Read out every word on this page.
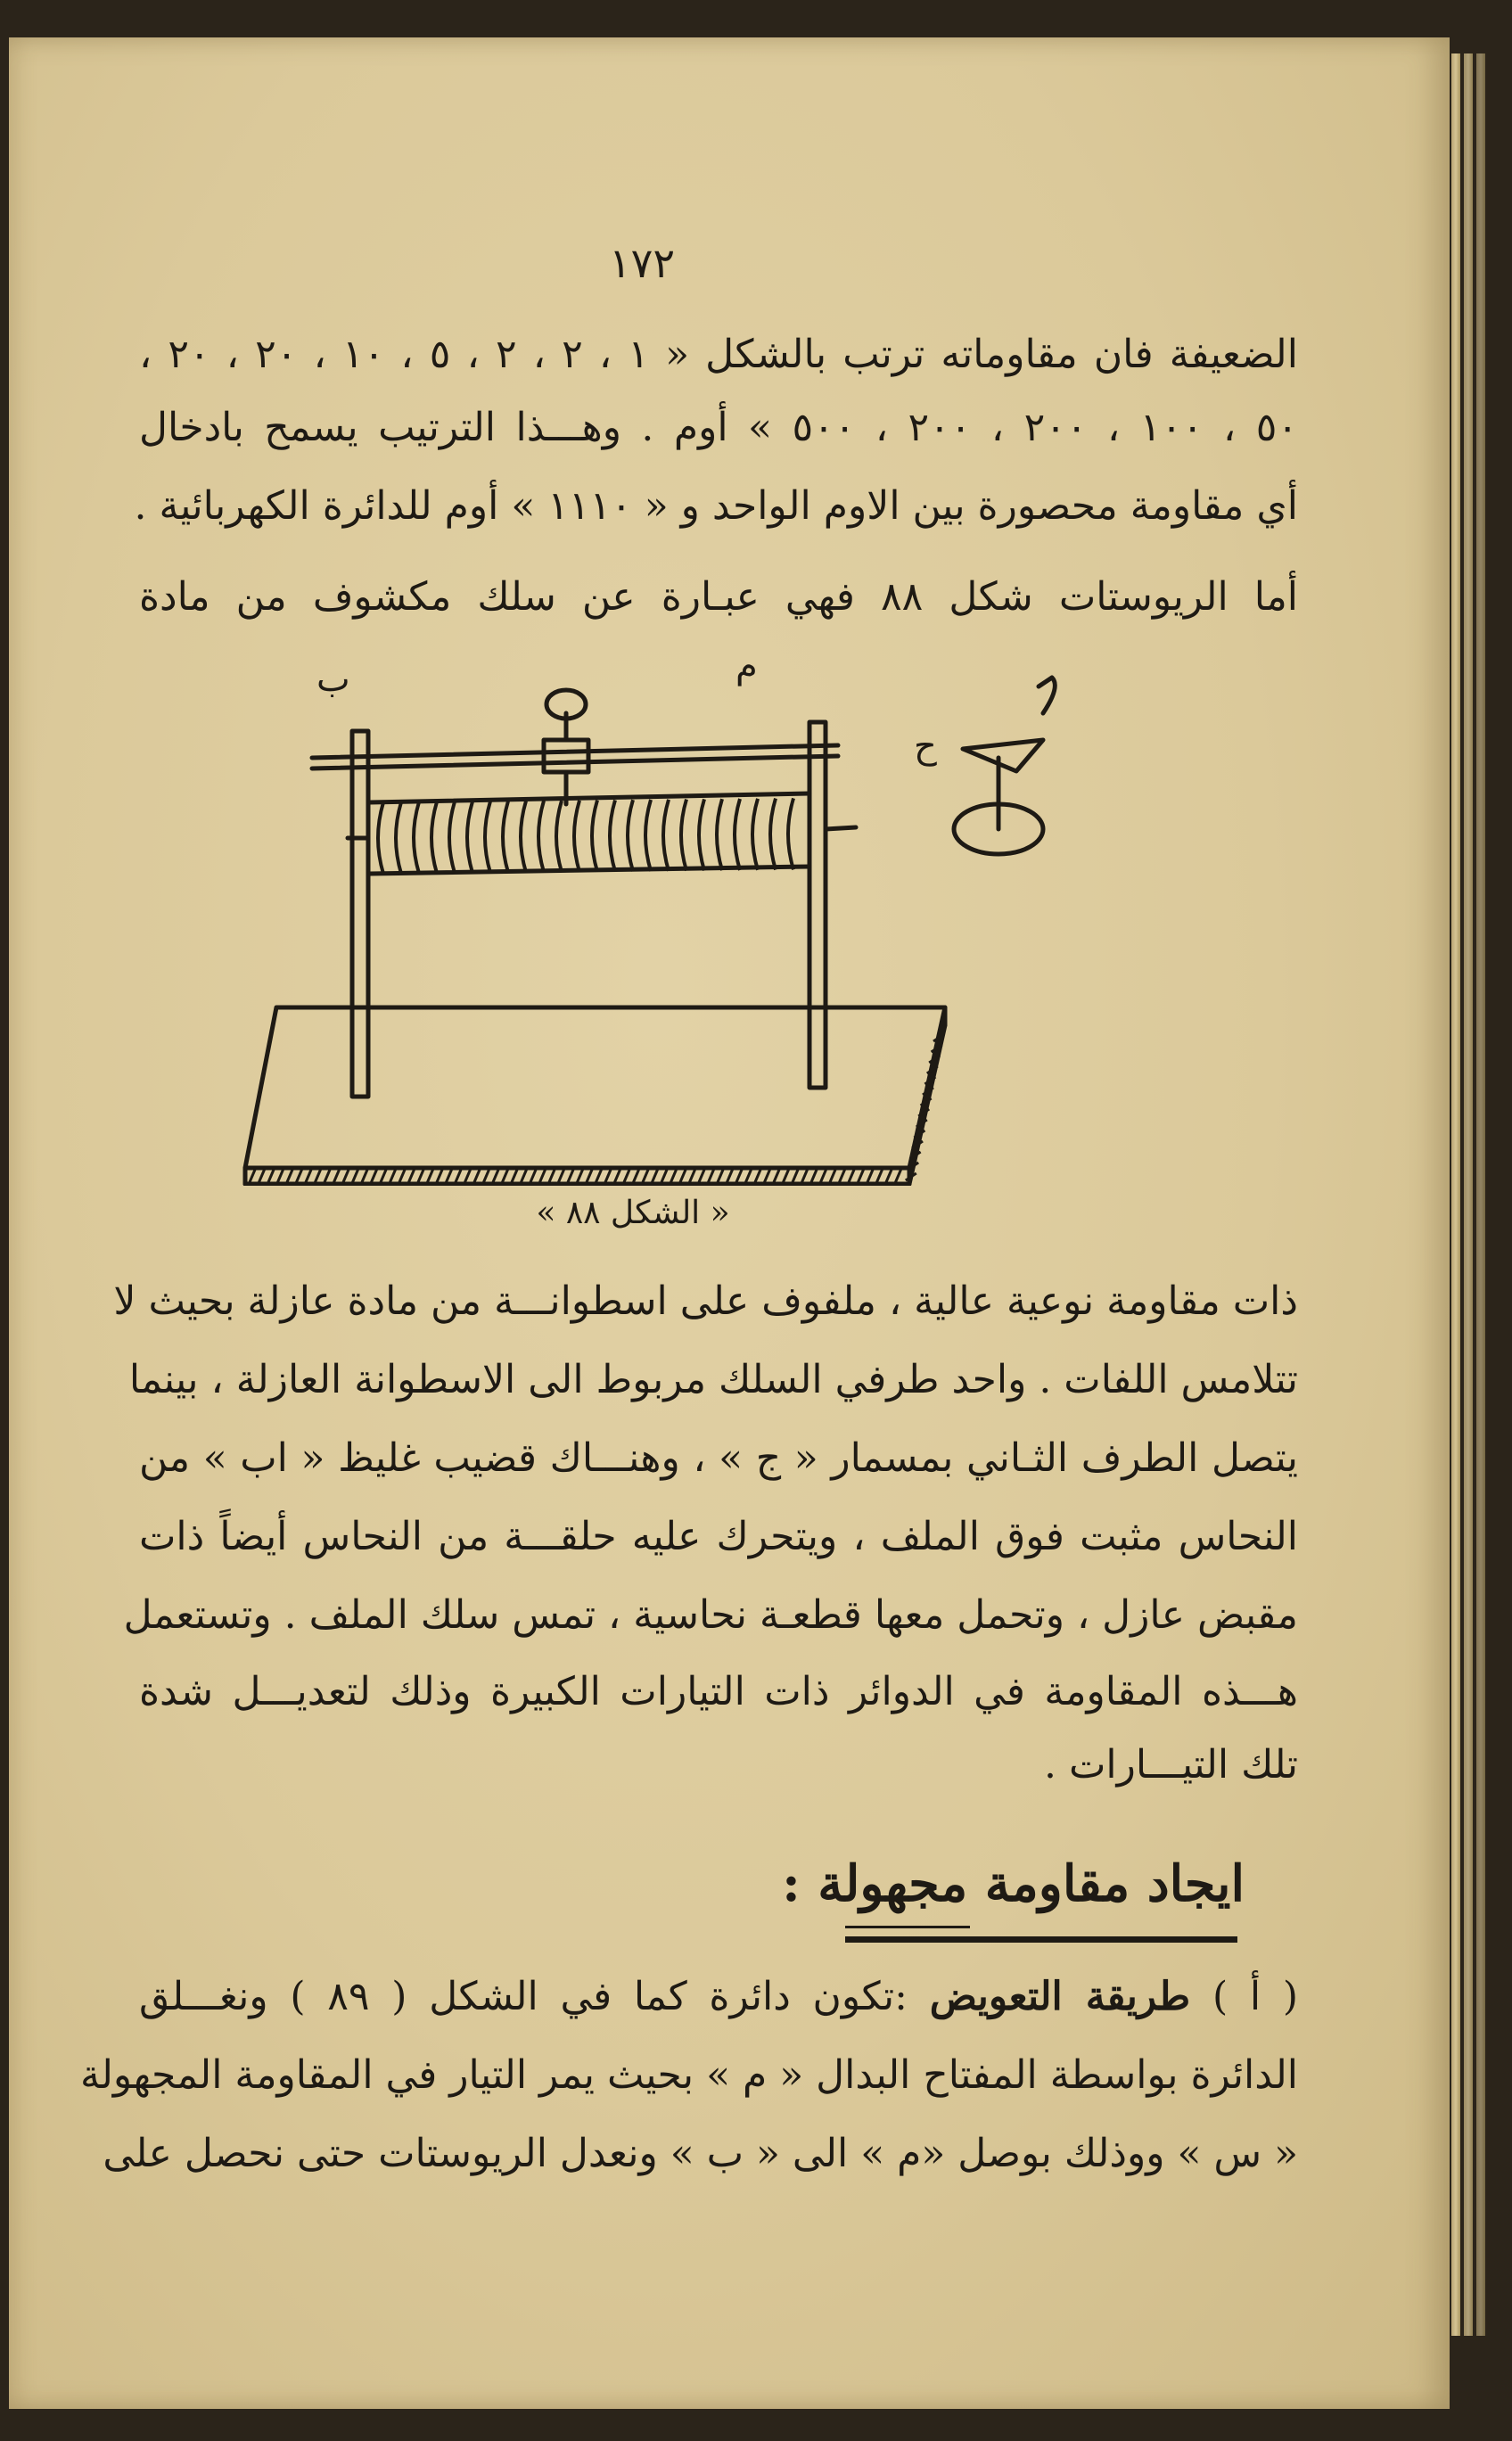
١٧٢
الضعيفة فان مقاوماته ترتب بالشكل « ١ ، ٢ ، ٢ ، ٥ ، ١٠ ، ٢٠ ، ٢٠ ،
٥٠ ، ١٠٠ ، ٢٠٠ ، ٢٠٠ ، ٥٠٠ » أوم . وهـــذا الترتيب يسمح بادخال
أي مقاومة محصورة بين الاوم الواحد و « ١١١٠ » أوم للدائرة الكهربائية .
أما الريوستات شكل ٨٨ فهي عبـارة عن سلك مكشوف من مادة
ب	م
ح
« الشكل ٨٨ »
ذات مقاومة نوعية عالية ، ملفوف على اسطوانـــة من مادة عازلة بحيث لا
تتلامس اللفات . واحد طرفي السلك مربوط الى الاسطوانة العازلة ، بينما
يتصل الطرف الثـاني بمسمار « ج » ، وهنـــاك قضيب غليظ « اب » من
النحاس مثبت فوق الملف ، ويتحرك عليه حلقـــة من النحاس أيضاً ذات
مقبض عازل ، وتحمل معها قطعـة نحاسية ، تمس سلك الملف . وتستعمل
هـــذه المقاومة في الدوائر ذات التيارات الكبيرة وذلك لتعديـــل شدة
تلك التيـــارات .
ايجاد مقاومة مجهولة :
( أ ) طريقة التعويض :تكون دائرة كما في الشكل ( ٨٩ ) ونغـــلق
الدائرة بواسطة المفتاح البدال « م » بحيث يمر التيار في المقاومة المجهولة
« س » ووذلك بوصل «م » الى « ب » ونعدل الريوستات حتى نحصل على
